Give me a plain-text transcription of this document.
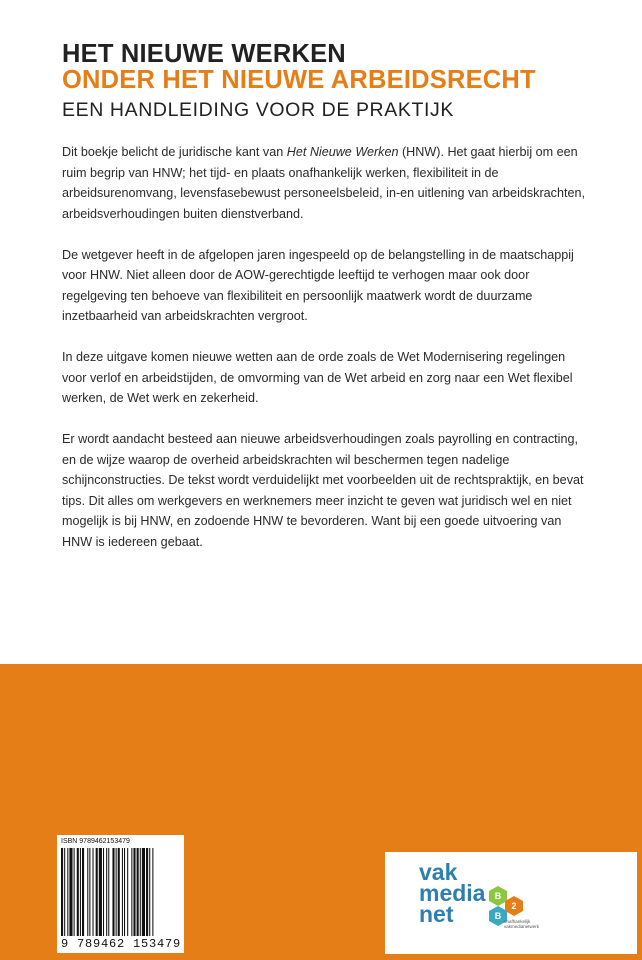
HET NIEUWE WERKEN
ONDER HET NIEUWE ARBEIDSRECHT
EEN HANDLEIDING VOOR DE PRAKTIJK

Dit boekje belicht de juridische kant van Het Nieuwe Werken (HNW). Het gaat hierbij om een ruim begrip van HNW; het tijd- en plaats onafhankelijk werken, flexibiliteit in de arbeidsurenomvang, levensfasebewust personeelsbeleid, in-en uitlening van arbeidskrachten, arbeidsverhoudingen buiten dienstverband.

De wetgever heeft in de afgelopen jaren ingespeeld op de belangstelling in de maatschappij voor HNW. Niet alleen door de AOW-gerechtigde leeftijd te verhogen maar ook door regelgeving ten behoeve van flexibiliteit en persoonlijk maatwerk wordt de duurzame inzetbaarheid van arbeidskrachten vergroot.

In deze uitgave komen nieuwe wetten aan de orde zoals de Wet Modernisering regelingen voor verlof en arbeidstijden, de omvorming van de Wet arbeid en zorg naar een Wet flexibel werken, de Wet werk en zekerheid.

Er wordt aandacht besteed aan nieuwe arbeidsverhoudingen zoals payrolling en contracting, en de wijze waarop de overheid arbeidskrachten wil beschermen tegen nadelige schijnconstructies. De tekst wordt verduidelijkt met voorbeelden uit de rechtspraktijk, en bevat tips. Dit alles om werkgevers en werknemers meer inzicht te geven wat juridisch wel en niet mogelijk is bij HNW, en zodoende HNW te bevorderen. Want bij een goede uitvoering van HNW is iedereen gebaat.

ISBN 9789462153479
9 789462 153479
vak
media
net
B
2
B
onafhankelijk
vakmedianetwerk
